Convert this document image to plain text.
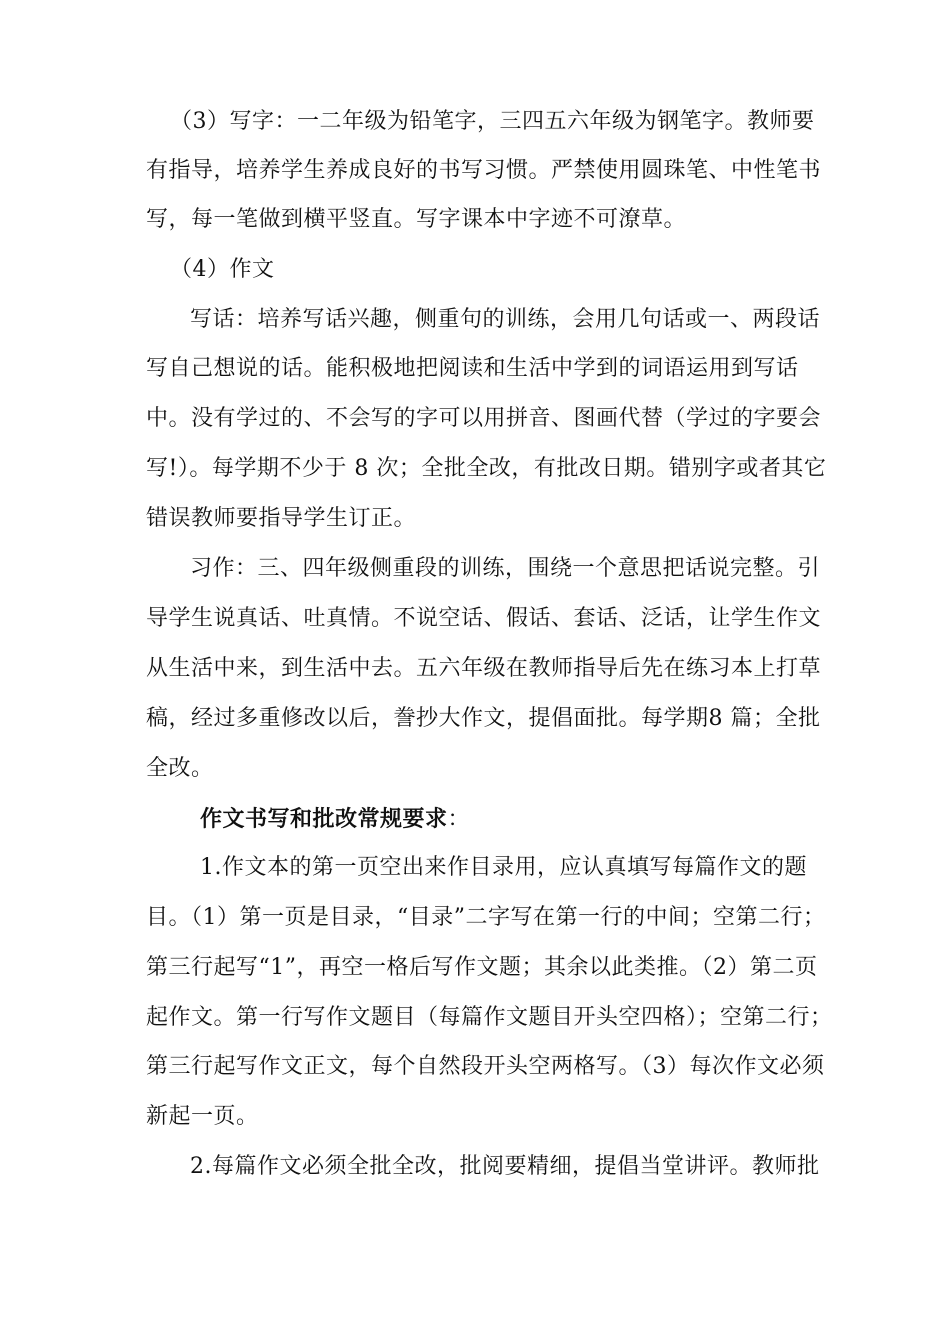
（3）写字：一二年级为铅笔字，三四五六年级为钢笔字。教师要
有指导，培养学生养成良好的书写习惯。严禁使用圆珠笔、中性笔书
写，每一笔做到横平竖直。写字课本中字迹不可潦草。
（4）作文
写话：培养写话兴趣，侧重句的训练，会用几句话或一、两段话
写自己想说的话。能积极地把阅读和生活中学到的词语运用到写话
中。没有学过的、不会写的字可以用拼音、图画代替（学过的字要会
写!）。每学期不少于 8 次；全批全改，有批改日期。错别字或者其它
错误教师要指导学生订正。
习作：三、四年级侧重段的训练，围绕一个意思把话说完整。引
导学生说真话、吐真情。不说空话、假话、套话、泛话，让学生作文
从生活中来，到生活中去。五六年级在教师指导后先在练习本上打草
稿，经过多重修改以后，誊抄大作文，提倡面批。每学期8 篇；全批
全改。
作文书写和批改常规要求：
1.作文本的第一页空出来作目录用，应认真填写每篇作文的题
目。（1）第一页是目录，“目录”二字写在第一行的中间；空第二行；
第三行起写“1”，再空一格后写作文题；其余以此类推。（2）第二页
起作文。第一行写作文题目（每篇作文题目开头空四格）；空第二行；
第三行起写作文正文，每个自然段开头空两格写。（3）每次作文必须
新起一页。
2.每篇作文必须全批全改，批阅要精细，提倡当堂讲评。教师批
